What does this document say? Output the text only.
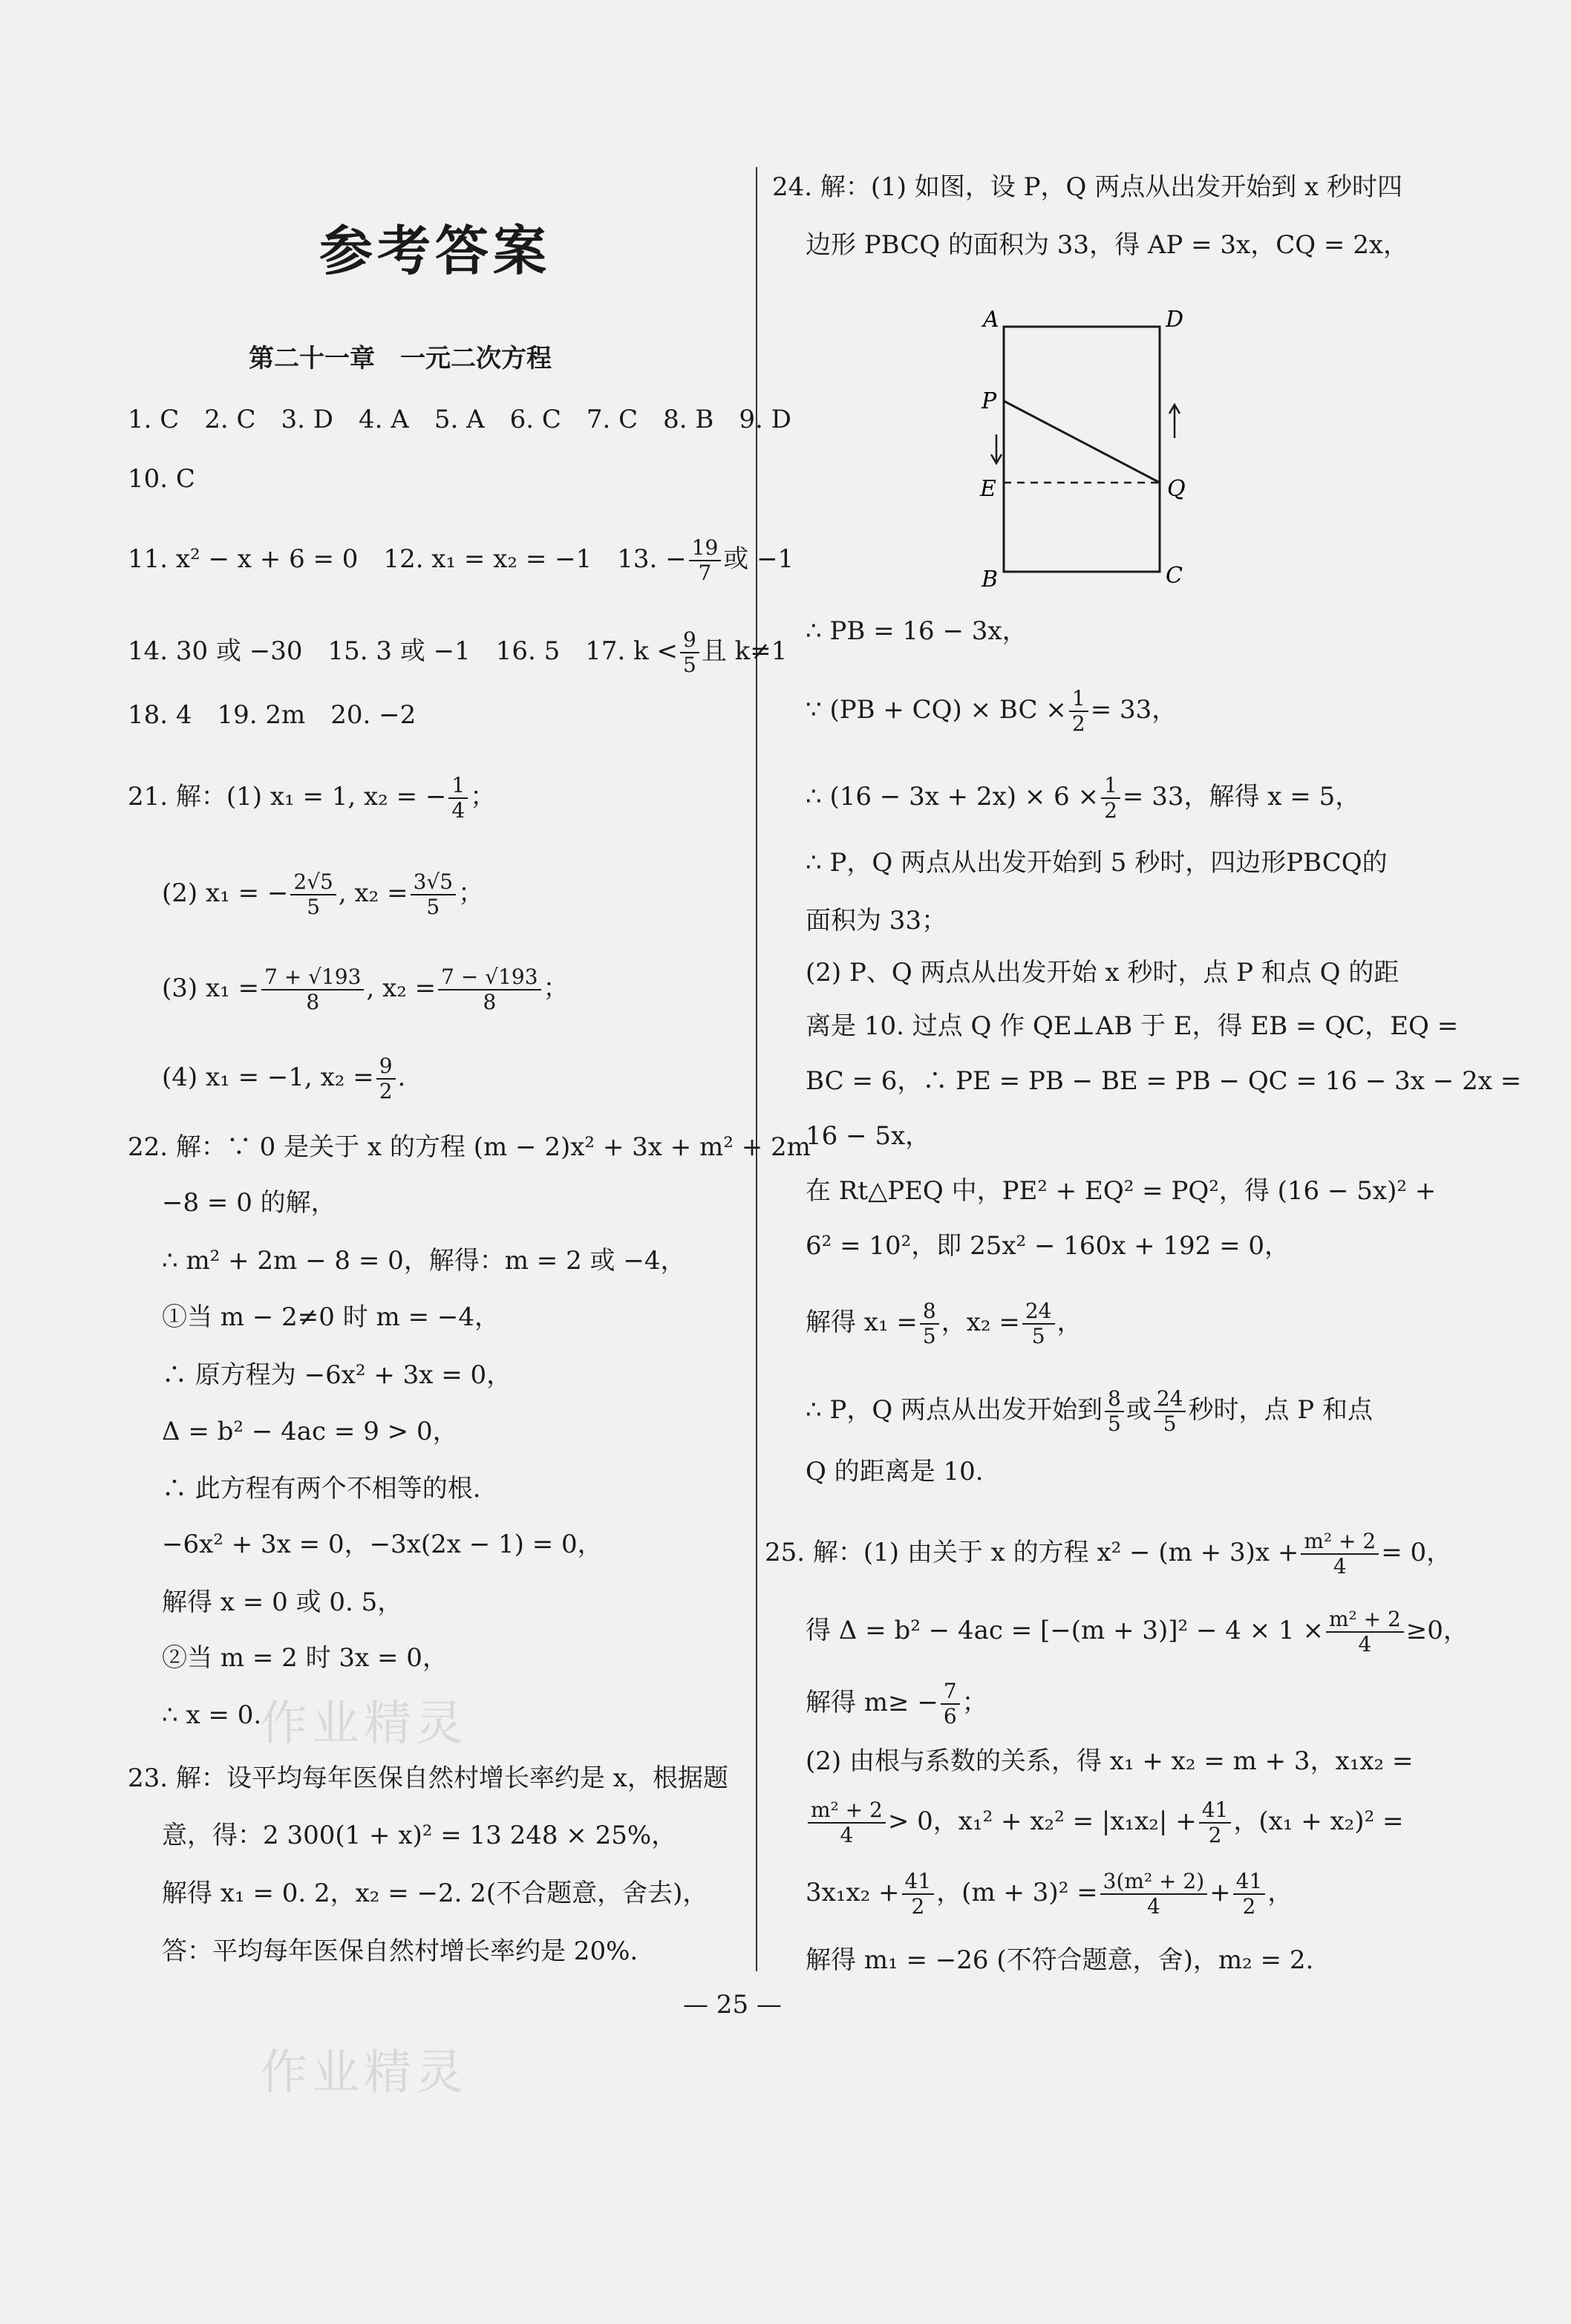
参考答案
第二十一章　一元二次方程
1. C　2. C　3. D　4. A　5. A　6. C　7. C　8. B　9. D
10. C
11. x² − x + 6 = 0　12. x₁ = x₂ = −1　13. − $\frac{19}{7}$ 或 −1
14. 30 或 −30　15. 3 或 −1　16. 5　17. $k < \frac{9}{5}$ 且 k≠1
18. 4　19. 2m　20. −2
21. 解：(1) x₁ = 1, x₂ = − $\frac{1}{4}$ ；
(2) x₁ = − $\frac{2√5}{5}$ , $x_2 = \frac{3√5}{5}$ ；
(3) $x_1 = \frac{7 + √193}{8}$ , $x_2 = \frac{7 - √193}{8}$ ；
(4) x₁ = −1, $x_2 = \frac{9}{2}$ .
22. 解：∵ 0 是关于 x 的方程 (m − 2)x² + 3x + m² + 2m
−8 = 0 的解，
∴ m² + 2m − 8 = 0，解得：m = 2 或 −4，
①当 m − 2≠0 时 m = −4，
∴ 原方程为 −6x² + 3x = 0，
Δ = b² − 4ac = 9 > 0，
∴ 此方程有两个不相等的根.
−6x² + 3x = 0，−3x(2x − 1) = 0，
解得 x = 0 或 0. 5，
②当 m = 2 时 3x = 0，
∴ x = 0.
23. 解：设平均每年医保自然村增长率约是 x，根据题
意，得：2 300(1 + x)² = 13 248 × 25%，
解得 x₁ = 0. 2，x₂ = −2. 2(不合题意，舍去)，
答：平均每年医保自然村增长率约是 20%.
24. 解：(1) 如图，设 P，Q 两点从出发开始到 x 秒时四
边形 PBCQ 的面积为 33，得 AP = 3x，CQ = 2x，
A	D
P
E	Q
B	C
∴ PB = 16 − 3x，
∵ (PB + CQ) × BC × $\frac{1}{2} = 33$，
∴ $(16 - 3x + 2x) \times 6 \times \frac{1}{2} = 33$，解得 x = 5，
∴ P，Q 两点从出发开始到 5 秒时，四边形PBCQ的
面积为 33；
(2) P、Q 两点从出发开始 x 秒时，点 P 和点 Q 的距
离是 10. 过点 Q 作 QE⊥AB 于 E，得 EB = QC，EQ =
BC = 6，∴ PE = PB − BE = PB − QC = 16 − 3x − 2x =
16 − 5x，
在 Rt△PEQ 中，PE² + EQ² = PQ²，得 (16 − 5x)² +
6² = 10²，即 25x² − 160x + 192 = 0，
解得 $x_1 = \frac{8}{5}$ ，$x_2 = \frac{24}{5}$ ，
∴ P，Q 两点从出发开始到 $\frac{8}{5}$ 或 $\frac{24}{5}$ 秒时，点 P 和点
Q 的距离是 10.
25. 解：(1) 由关于 x 的方程 $x^2 - (m + 3)x + \frac{\text{m² + 2}}{4} = 0$，
得 $\Delta = b^2 - 4ac = [-(m + 3)]^2 - 4 \times 1 \times \frac{\text{m² + 2}}{4} \ge 0$，
解得 $m\ge - \frac{7}{6}$ ；
(2) 由根与系数的关系，得 x₁ + x₂ = m + 3，x₁x₂ =
$\frac{\text{m² + 2}}{4} > 0$，$x_1^2 + x_2^2 = |x_1x_2| + \frac{41}{2}$ ，(x₁ + x₂)² =
$3x_1x_2 + \frac{41}{2}$ ，$(m + 3)^2 = \frac{\text{3(m² + 2)}}{4} + \frac{41}{2}$ ，
解得 m₁ = −26 (不符合题意，舍)，m₂ = 2.
— 25 —
作业精灵
作业精灵
